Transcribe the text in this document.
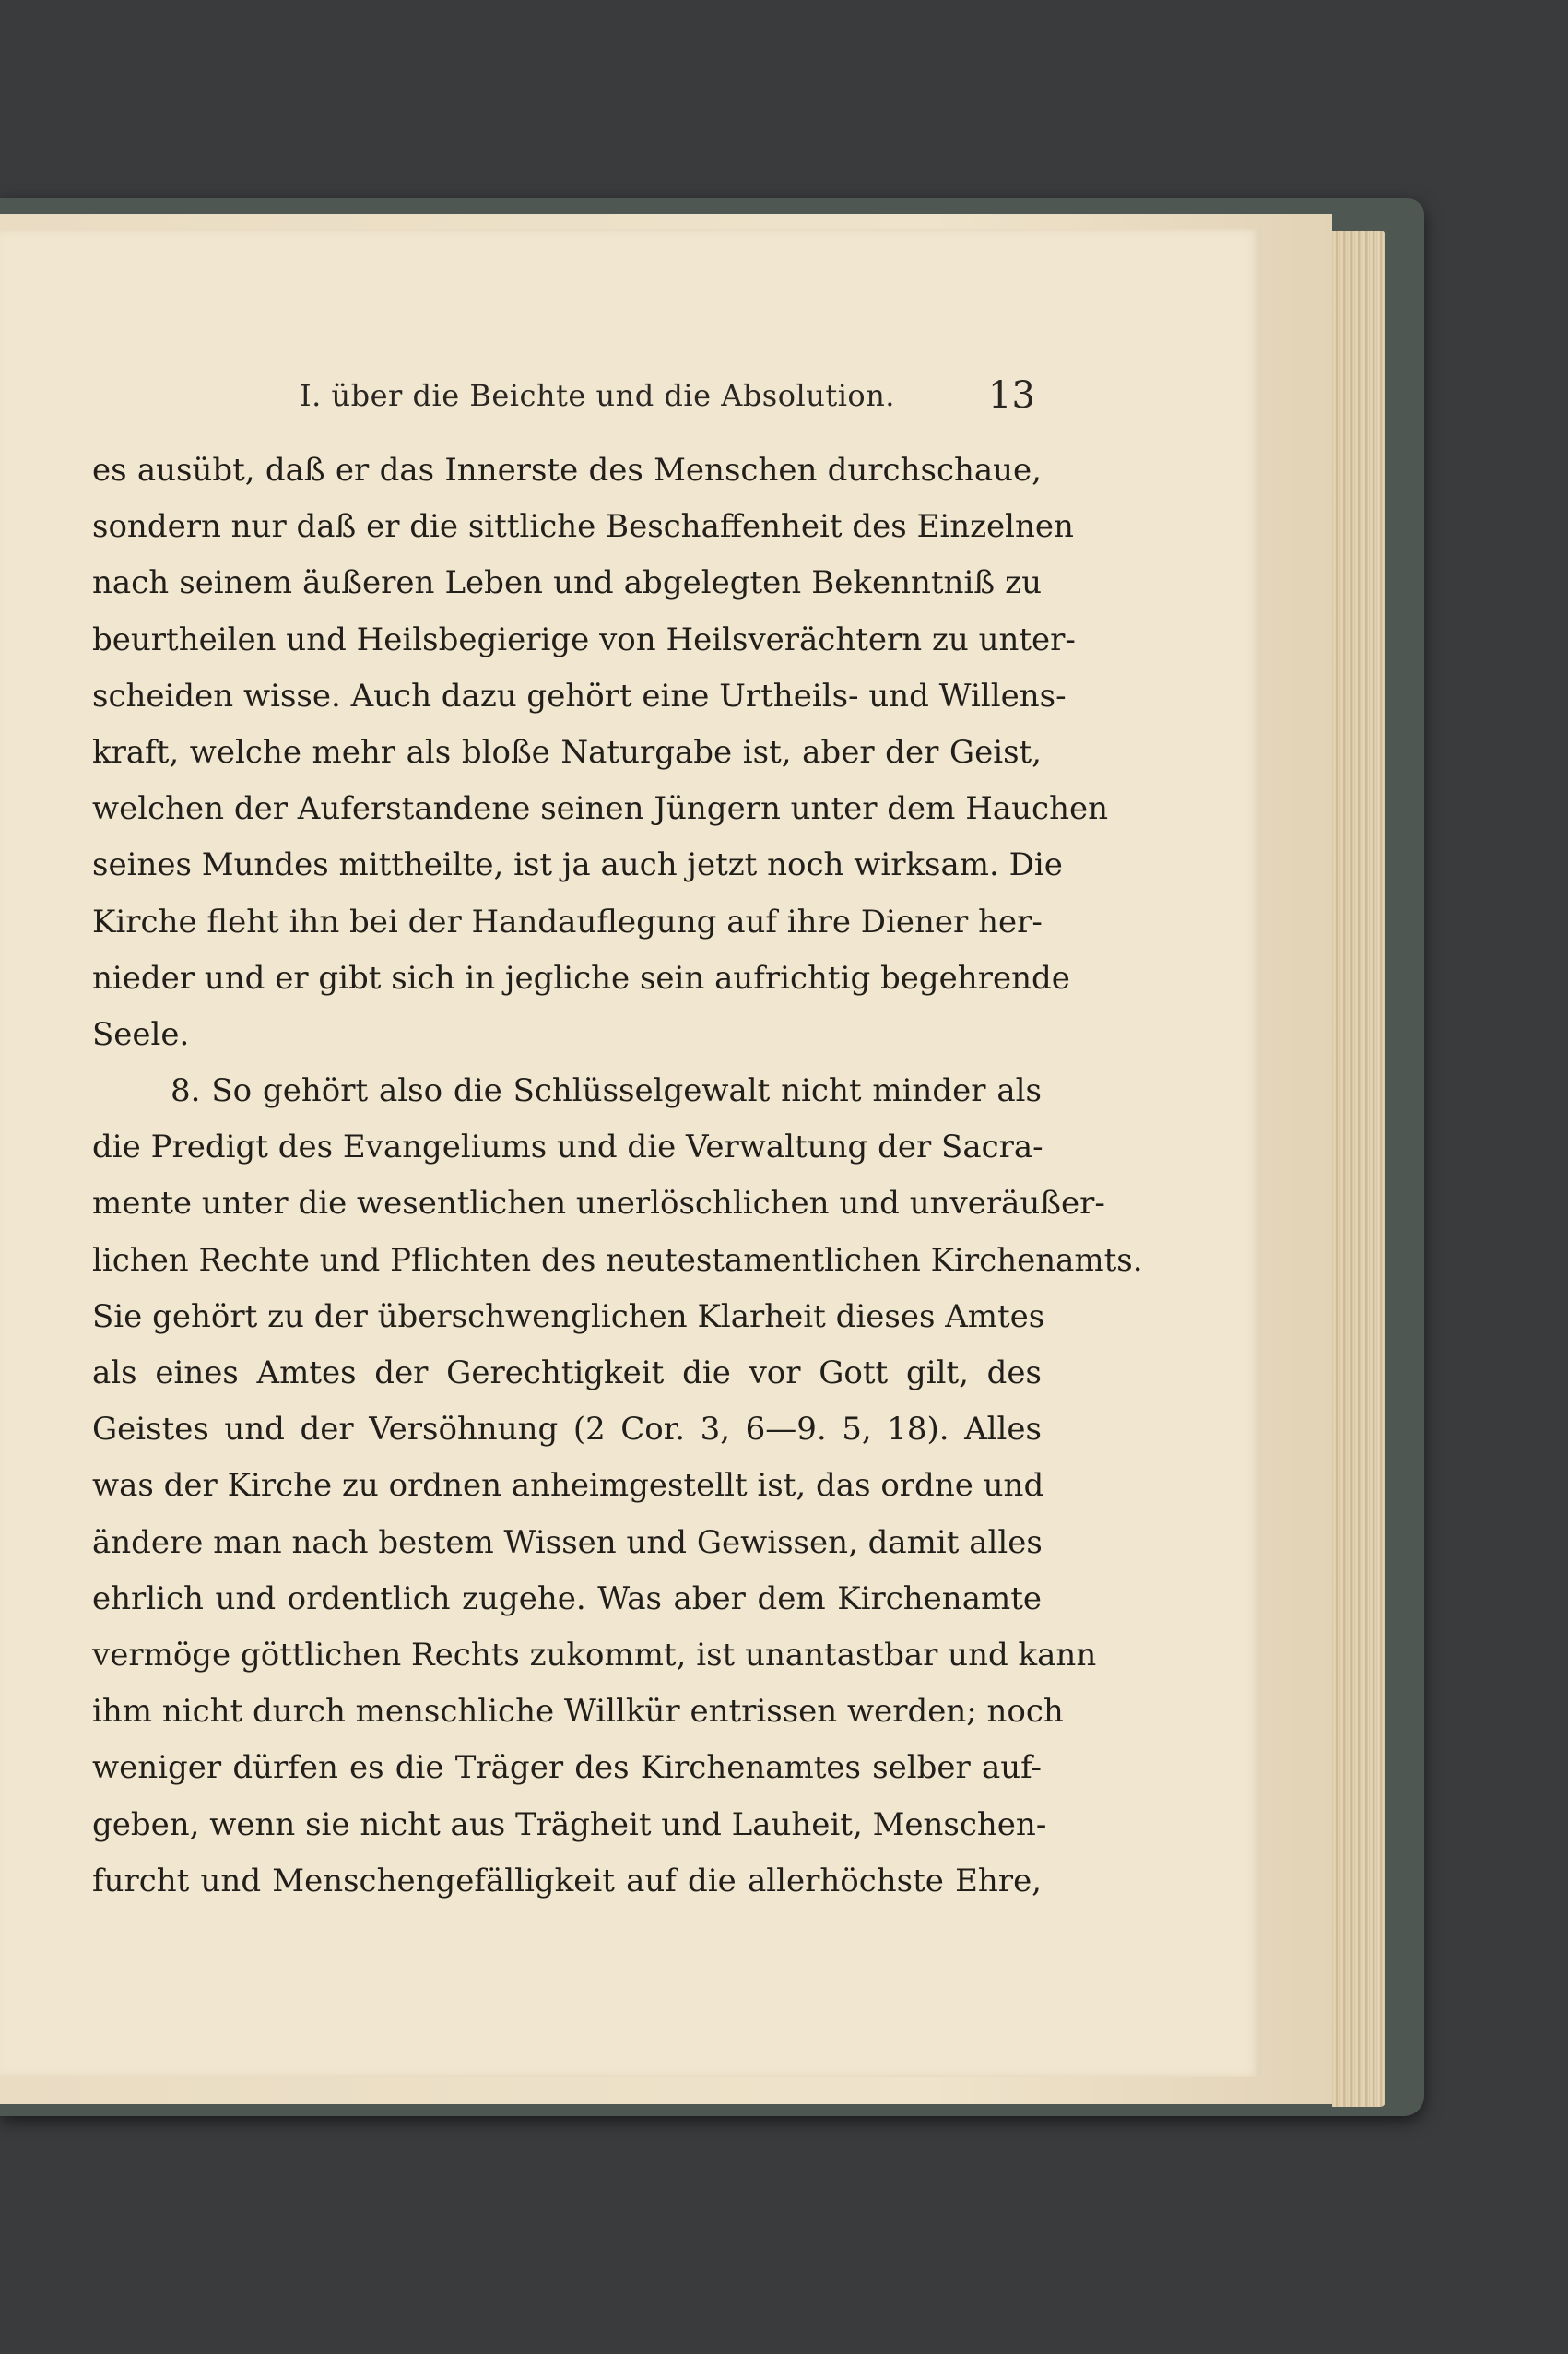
I. über die Beichte und die Absolution.	13
es ausübt, daß er das Innerste des Menschen durchschaue,
sondern nur daß er die sittliche Beschaffenheit des Einzelnen
nach seinem äußeren Leben und abgelegten Bekenntniß zu
beurtheilen und Heilsbegierige von Heilsverächtern zu unter-
scheiden wisse. Auch dazu gehört eine Urtheils- und Willens-
kraft, welche mehr als bloße Naturgabe ist, aber der Geist,
welchen der Auferstandene seinen Jüngern unter dem Hauchen
seines Mundes mittheilte, ist ja auch jetzt noch wirksam. Die
Kirche fleht ihn bei der Handauflegung auf ihre Diener her-
nieder und er gibt sich in jegliche sein aufrichtig begehrende
Seele.
8. So gehört also die Schlüsselgewalt nicht minder als
die Predigt des Evangeliums und die Verwaltung der Sacra-
mente unter die wesentlichen unerlöschlichen und unveräußer-
lichen Rechte und Pflichten des neutestamentlichen Kirchenamts.
Sie gehört zu der überschwenglichen Klarheit dieses Amtes
als eines Amtes der Gerechtigkeit die vor Gott gilt, des
Geistes und der Versöhnung (2 Cor. 3, 6—9. 5, 18). Alles
was der Kirche zu ordnen anheimgestellt ist, das ordne und
ändere man nach bestem Wissen und Gewissen, damit alles
ehrlich und ordentlich zugehe. Was aber dem Kirchenamte
vermöge göttlichen Rechts zukommt, ist unantastbar und kann
ihm nicht durch menschliche Willkür entrissen werden; noch
weniger dürfen es die Träger des Kirchenamtes selber auf-
geben, wenn sie nicht aus Trägheit und Lauheit, Menschen-
furcht und Menschengefälligkeit auf die allerhöchste Ehre,
